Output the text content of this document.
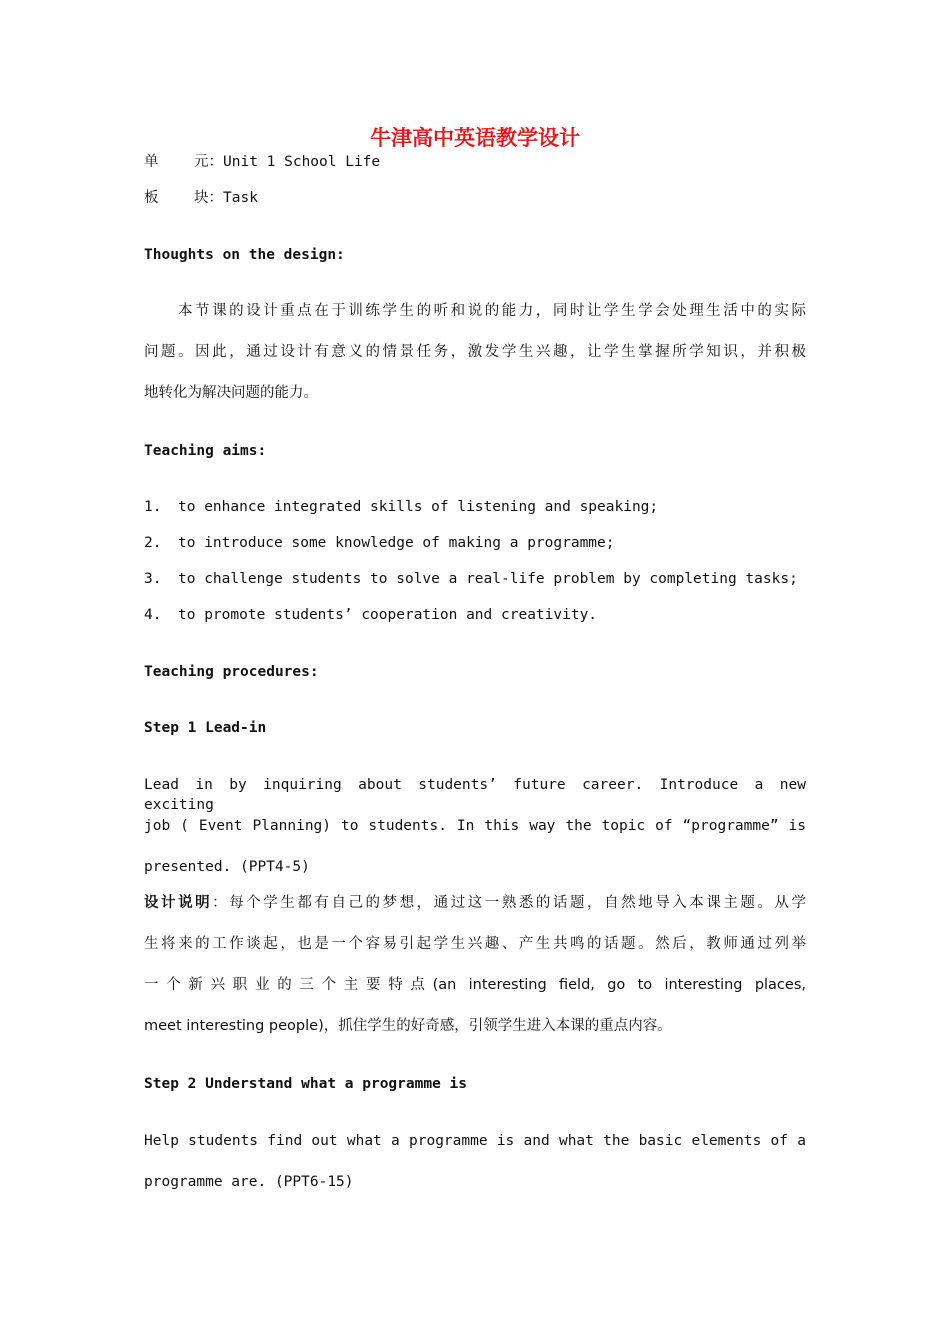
牛津高中英语教学设计
单 元：Unit 1 School Life
板 块：Task
Thoughts on the design:
本节课的设计重点在于训练学生的听和说的能力，同时让学生学会处理生活中的实际
问题。因此，通过设计有意义的情景任务，激发学生兴趣，让学生掌握所学知识，并积极
地转化为解决问题的能力。
Teaching aims:
1. to enhance integrated skills of listening and speaking;
2. to introduce some knowledge of making a programme;
3. to challenge students to solve a real-life problem by completing tasks;
4. to promote students’ cooperation and creativity.
Teaching procedures:
Step 1 Lead-in
Lead in by inquiring about students’ future career. Introduce a new exciting
job ( Event Planning) to students. In this way the topic of “programme” is
presented. (PPT4-5)
设计说明：每个学生都有自己的梦想，通过这一熟悉的话题，自然地导入本课主题。从学
生将来的工作谈起，也是一个容易引起学生兴趣、产生共鸣的话题。然后，教师通过列举
一个新兴职业的三个主要特点(an interesting field, go to interesting places,
meet interesting people)，抓住学生的好奇感，引领学生进入本课的重点内容。
Step 2 Understand what a programme is
Help students find out what a programme is and what the basic elements of a
programme are. (PPT6-15)
